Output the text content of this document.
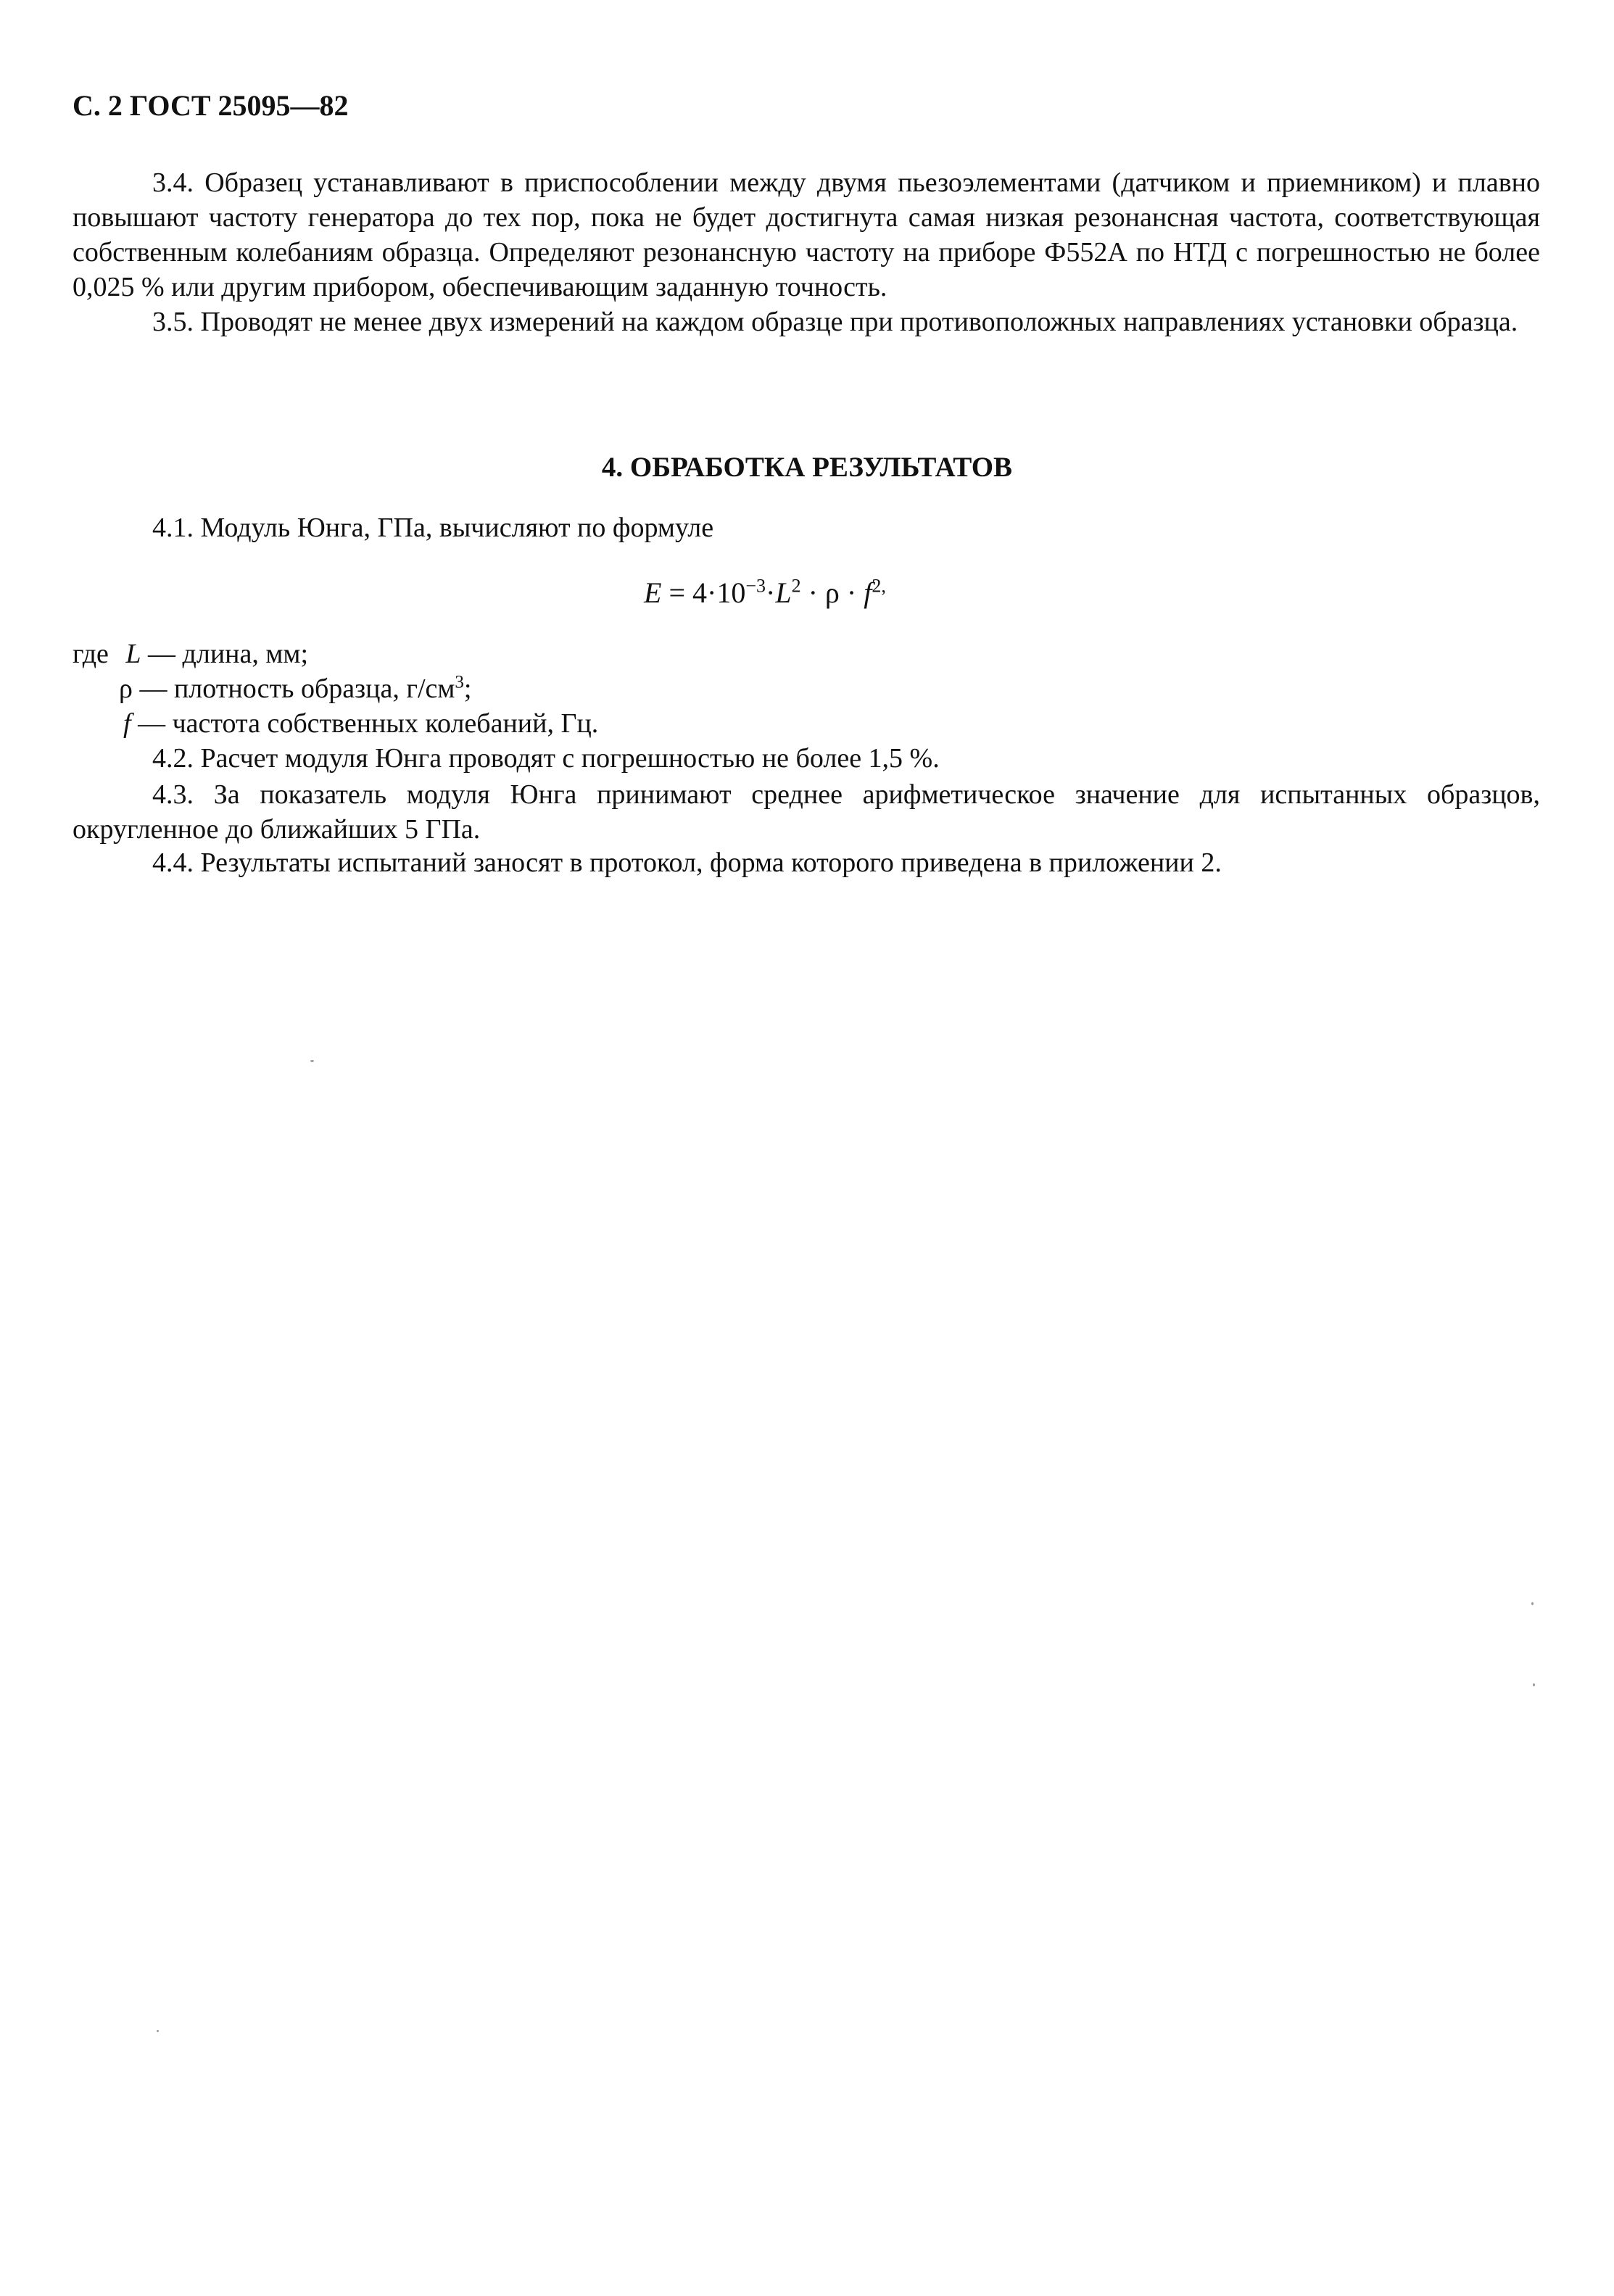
С. 2 ГОСТ 25095—82

3.4. Образец устанавливают в приспособлении между двумя пьезоэлементами (датчиком и приемником) и плавно повышают частоту генератора до тех пор, пока не будет достигнута самая низкая резонансная частота, соответствующая собственным колебаниям образца. Определяют резонансную частоту на приборе Ф552А по НТД с погрешностью не более 0,025 % или другим прибором, обеспечивающим заданную точность.

3.5. Проводят не менее двух измерений на каждом образце при противоположных направлениях установки образца.

4. ОБРАБОТКА РЕЗУЛЬТАТОВ
4.1. Модуль Юнга, ГПа, вычисляют по формуле
$E = 4\cdot 10^{-3}\cdot L^2 \cdot \rho \cdot f^{2,}$
где L — длина, мм;
ρ — плотность образца, $г/см^3$;
f — частота собственных колебаний, Гц.
4.2. Расчет модуля Юнга проводят с погрешностью не более 1,5 %.

4.3. За показатель модуля Юнга принимают среднее арифметическое значение для испытанных образцов, округленное до ближайших 5 ГПа.

4.4. Результаты испытаний заносят в протокол, форма которого приведена в приложении 2.
